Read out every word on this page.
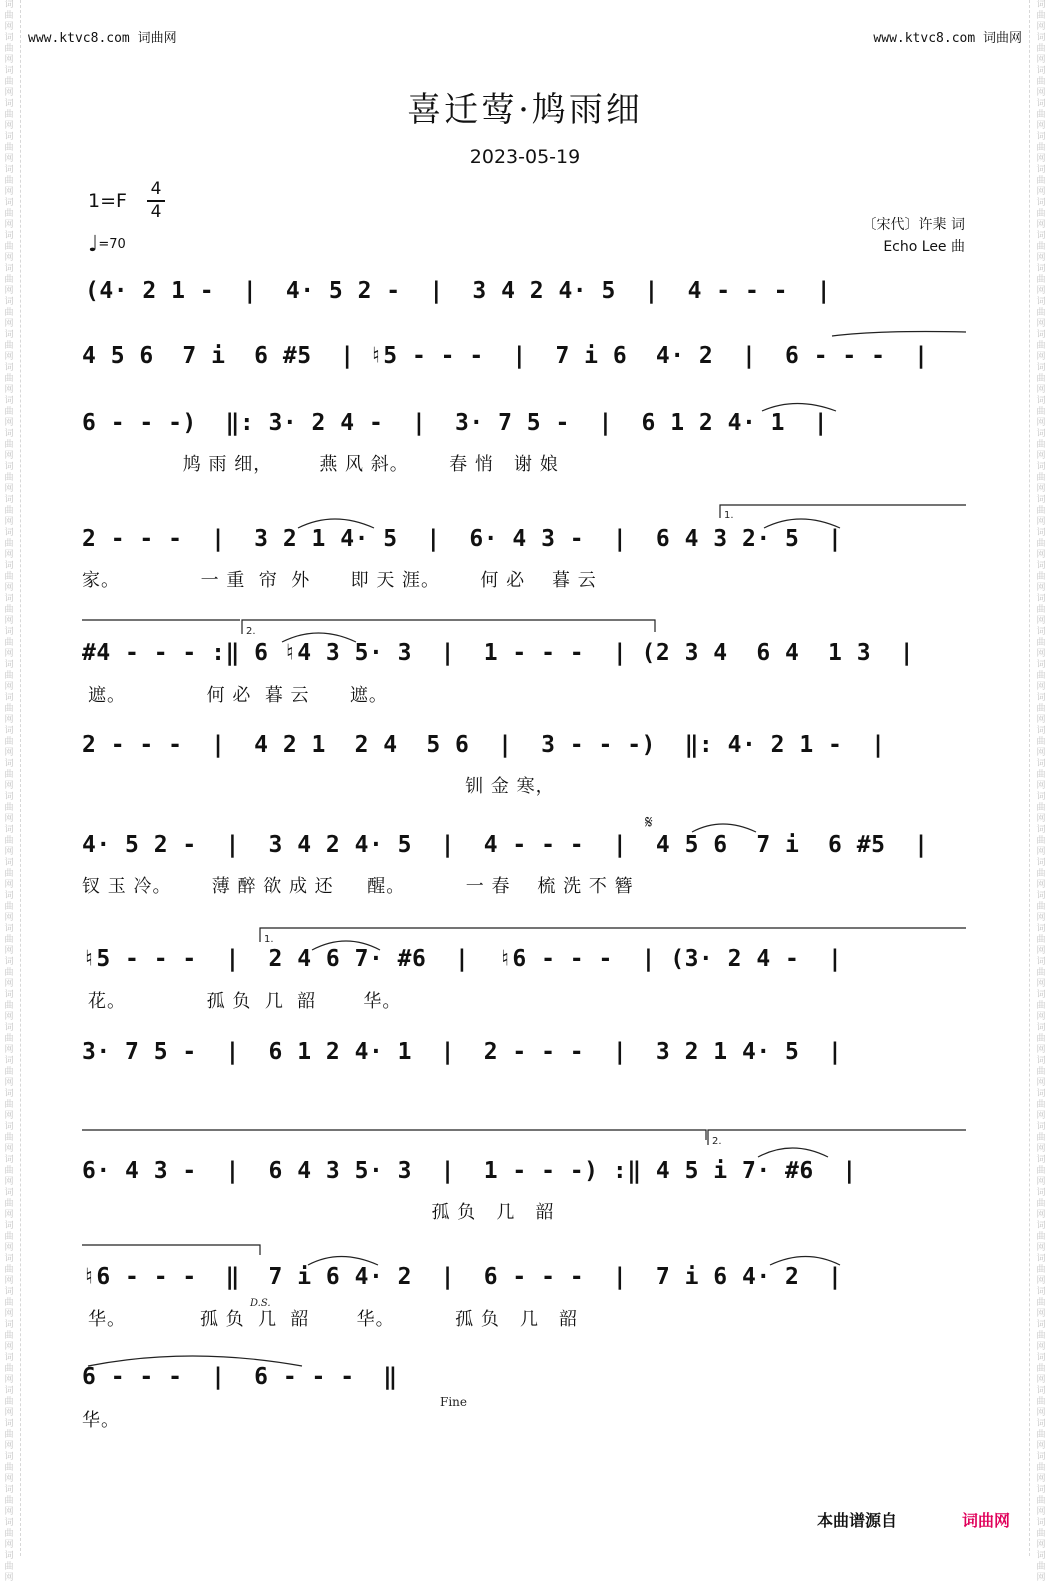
词曲网词曲网词曲网词曲网词曲网词曲网词曲网词曲网词曲网词曲网词曲网词曲网词曲网词曲网词曲网词曲网词曲网词曲网词曲网词曲网词曲网词曲网词曲网词曲网词曲网词曲网词曲网词曲网词曲网词曲网词曲网词曲网词曲网词曲网词曲网词曲网词曲网词曲网词曲网词曲网词曲网词曲网词曲网词曲网词曲网词曲网词曲网词曲网
词曲网词曲网词曲网词曲网词曲网词曲网词曲网词曲网词曲网词曲网词曲网词曲网词曲网词曲网词曲网词曲网词曲网词曲网词曲网词曲网词曲网词曲网词曲网词曲网词曲网词曲网词曲网词曲网词曲网词曲网词曲网词曲网词曲网词曲网词曲网词曲网词曲网词曲网词曲网词曲网词曲网词曲网词曲网词曲网词曲网词曲网词曲网词曲网
www.ktvc8.com 词曲网	www.ktvc8.com 词曲网
喜迁莺·鸠雨细
2023-05-19
1=F
4
4
♩=70
〔宋代〕许棐 词
Echo Lee 曲
(4· 2 1 -  |  4· 5 2 -  |  3 4 2 4· 5  |  4 - - -  |
4 5 6  7 i  6 #5  | ♮5 - - -  |  7 i 6  4· 2  |  6 - - -  |
6 - - -)  ‖: 3· 2 4 -  |  3· 7 5 -  |  6 1 2 4· 1  |
鸠 雨 细，       燕 风 斜。      春 悄   谢 娘
2 - - -  |  3 2 1 4· 5  |  6· 4 3 -  |  6 4 3 2· 5  |
家。            一 重  帘  外      即 天 涯。      何 必    暮 云
#4 - - - :‖ 6 ♮4 3 5· 3  |  1 - - -  | (2 3 4  6 4  1 3  |
遮。            何 必  暮 云      遮。
2 - - -  |  4 2 1  2 4  5 6  |  3 - - -)  ‖: 4· 2 1 -  |
钏 金 寒，
4· 5 2 -  |  3 4 2 4· 5  |  4 - - -  |  4 5 6  7 i  6 #5  |
钗 玉 冷。      薄 醉 欲 成 还     醒。         一 春    梳 洗 不 簪
♮5 - - -  |  2 4 6 7· #6  |  ♮6 - - -  | (3· 2 4 -  |
花。            孤 负  几  韶       华。
3· 7 5 -  |  6 1 2 4· 1  |  2 - - -  |  3 2 1 4· 5  |
6· 4 3 -  |  6 4 3 5· 3  |  1 - - -) :‖ 4 5 i 7· #6  |
孤 负   几   韶
♮6 - - -  ‖  7 i 6 4· 2  |  6 - - -  |  7 i 6 4· 2  |
华。           孤 负  几  韶       华。         孤 负   几   韶
6 - - -  |  6 - - -  ‖
华。
1.
2.
1.
2.
𝄋
D.S.
Fine
本曲谱源自	词曲网
